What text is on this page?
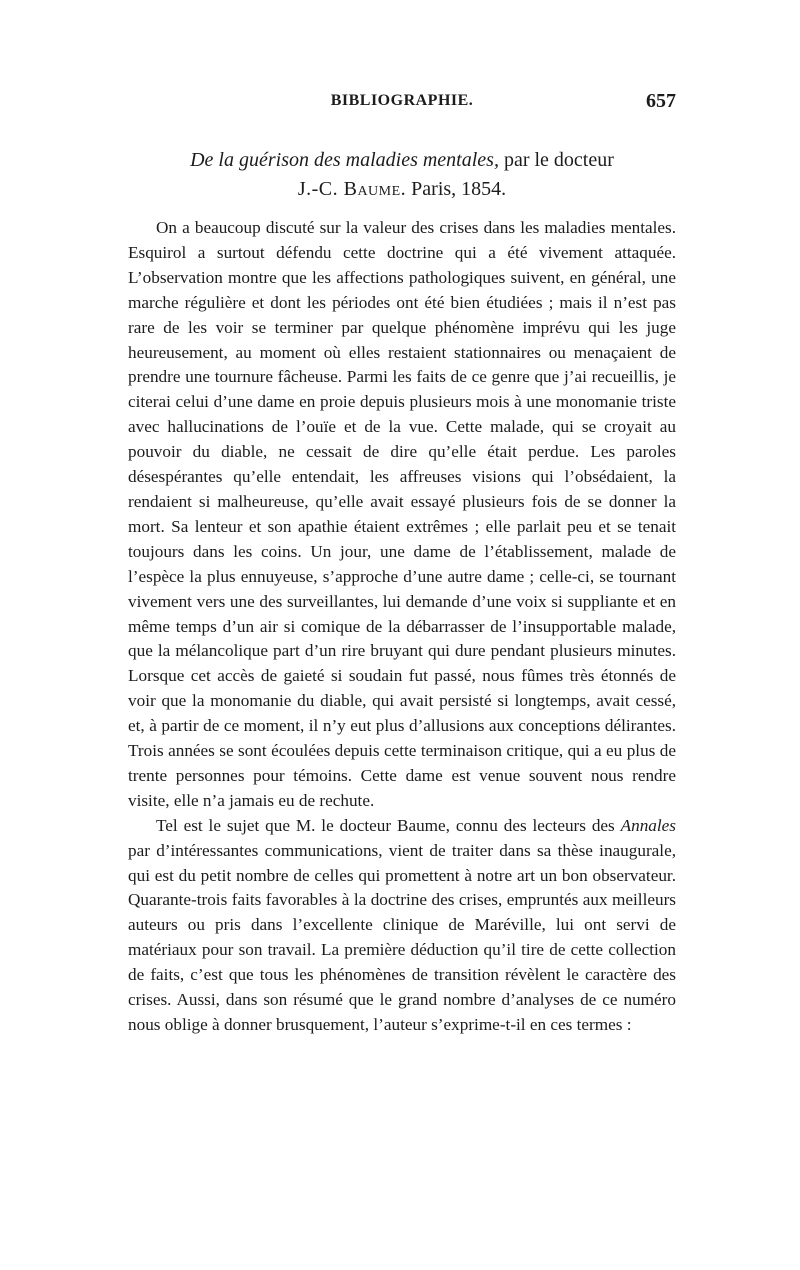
BIBLIOGRAPHIE.	657
De la guérison des maladies mentales, par le docteur
J.-C. Baume. Paris, 1854.

On a beaucoup discuté sur la valeur des crises dans les maladies mentales. Esquirol a surtout défendu cette doctrine qui a été vivement attaquée. L’observation montre que les affections pathologiques suivent, en général, une marche régulière et dont les périodes ont été bien étudiées ; mais il n’est pas rare de les voir se terminer par quelque phénomène imprévu qui les juge heureusement, au moment où elles restaient stationnaires ou menaçaient de prendre une tournure fâcheuse. Parmi les faits de ce genre que j’ai recueillis, je citerai celui d’une dame en proie depuis plusieurs mois à une monomanie triste avec hallucinations de l’ouïe et de la vue. Cette malade, qui se croyait au pouvoir du diable, ne cessait de dire qu’elle était perdue. Les paroles désespérantes qu’elle entendait, les affreuses visions qui l’obsédaient, la rendaient si malheureuse, qu’elle avait essayé plusieurs fois de se donner la mort. Sa lenteur et son apathie étaient extrêmes ; elle parlait peu et se tenait toujours dans les coins. Un jour, une dame de l’établissement, malade de l’espèce la plus ennuyeuse, s’approche d’une autre dame ; celle-ci, se tournant vivement vers une des surveillantes, lui demande d’une voix si suppliante et en même temps d’un air si comique de la débarrasser de l’insupportable malade, que la mélancolique part d’un rire bruyant qui dure pendant plusieurs minutes. Lorsque cet accès de gaieté si soudain fut passé, nous fûmes très étonnés de voir que la monomanie du diable, qui avait persisté si longtemps, avait cessé, et, à partir de ce moment, il n’y eut plus d’allusions aux conceptions délirantes. Trois années se sont écoulées depuis cette terminaison critique, qui a eu plus de trente personnes pour témoins. Cette dame est venue souvent nous rendre visite, elle n’a jamais eu de rechute.

Tel est le sujet que M. le docteur Baume, connu des lecteurs des Annales par d’intéressantes communications, vient de traiter dans sa thèse inaugurale, qui est du petit nombre de celles qui promettent à notre art un bon observateur. Quarante-trois faits favorables à la doctrine des crises, empruntés aux meilleurs auteurs ou pris dans l’excellente clinique de Maréville, lui ont servi de matériaux pour son travail. La première déduction qu’il tire de cette collection de faits, c’est que tous les phénomènes de transition révèlent le caractère des crises. Aussi, dans son résumé que le grand nombre d’analyses de ce numéro nous oblige à donner brusquement, l’auteur s’exprime-t-il en ces termes :
